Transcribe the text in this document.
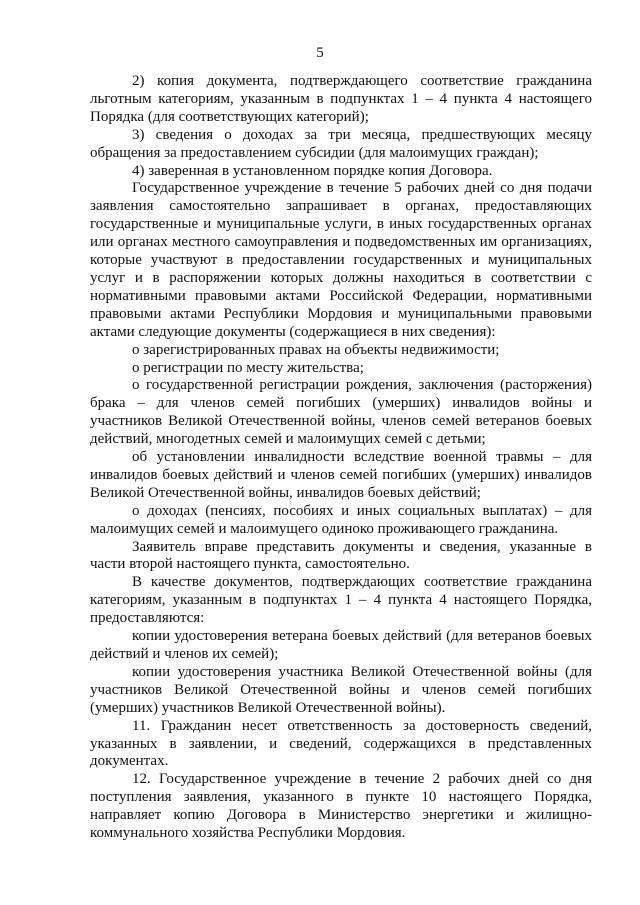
5

2) копия документа, подтверждающего соответствие гражданина льготным категориям, указанным в подпунктах 1 – 4 пункта 4 настоящего Порядка (для соответствующих категорий);

3) сведения о доходах за три месяца, предшествующих месяцу обращения за предоставлением субсидии (для малоимущих граждан);

4) заверенная в установленном порядке копия Договора.

Государственное учреждение в течение 5 рабочих дней со дня подачи заявления самостоятельно запрашивает в органах, предоставляющих государственные и муниципальные услуги, в иных государственных органах или органах местного самоуправления и подведомственных им организациях, которые участвуют в предоставлении государственных и муниципальных услуг и в распоряжении которых должны находиться в соответствии с нормативными правовыми актами Российской Федерации, нормативными правовыми актами Республики Мордовия и муниципальными правовыми актами следующие документы (содержащиеся в них сведения):

о зарегистрированных правах на объекты недвижимости;

о регистрации по месту жительства;

о государственной регистрации рождения, заключения (расторжения) брака – для членов семей погибших (умерших) инвалидов войны и участников Великой Отечественной войны, членов семей ветеранов боевых действий, многодетных семей и малоимущих семей с детьми;

об установлении инвалидности вследствие военной травмы – для инвалидов боевых действий и членов семей погибших (умерших) инвалидов Великой Отечественной войны, инвалидов боевых действий;

о доходах (пенсиях, пособиях и иных социальных выплатах) – для малоимущих семей и малоимущего одиноко проживающего гражданина.

Заявитель вправе представить документы и сведения, указанные в части второй настоящего пункта, самостоятельно.

В качестве документов, подтверждающих соответствие гражданина категориям, указанным в подпунктах 1 – 4 пункта 4 настоящего Порядка, предоставляются:

копии удостоверения ветерана боевых действий (для ветеранов боевых действий и членов их семей);

копии удостоверения участника Великой Отечественной войны (для участников Великой Отечественной войны и членов семей погибших (умерших) участников Великой Отечественной войны).

11. Гражданин несет ответственность за достоверность сведений, указанных в заявлении, и сведений, содержащихся в представленных документах.

12. Государственное учреждение в течение 2 рабочих дней со дня поступления заявления, указанного в пункте 10 настоящего Порядка, направляет копию Договора в Министерство энергетики и жилищно-коммунального хозяйства Республики Мордовия.
